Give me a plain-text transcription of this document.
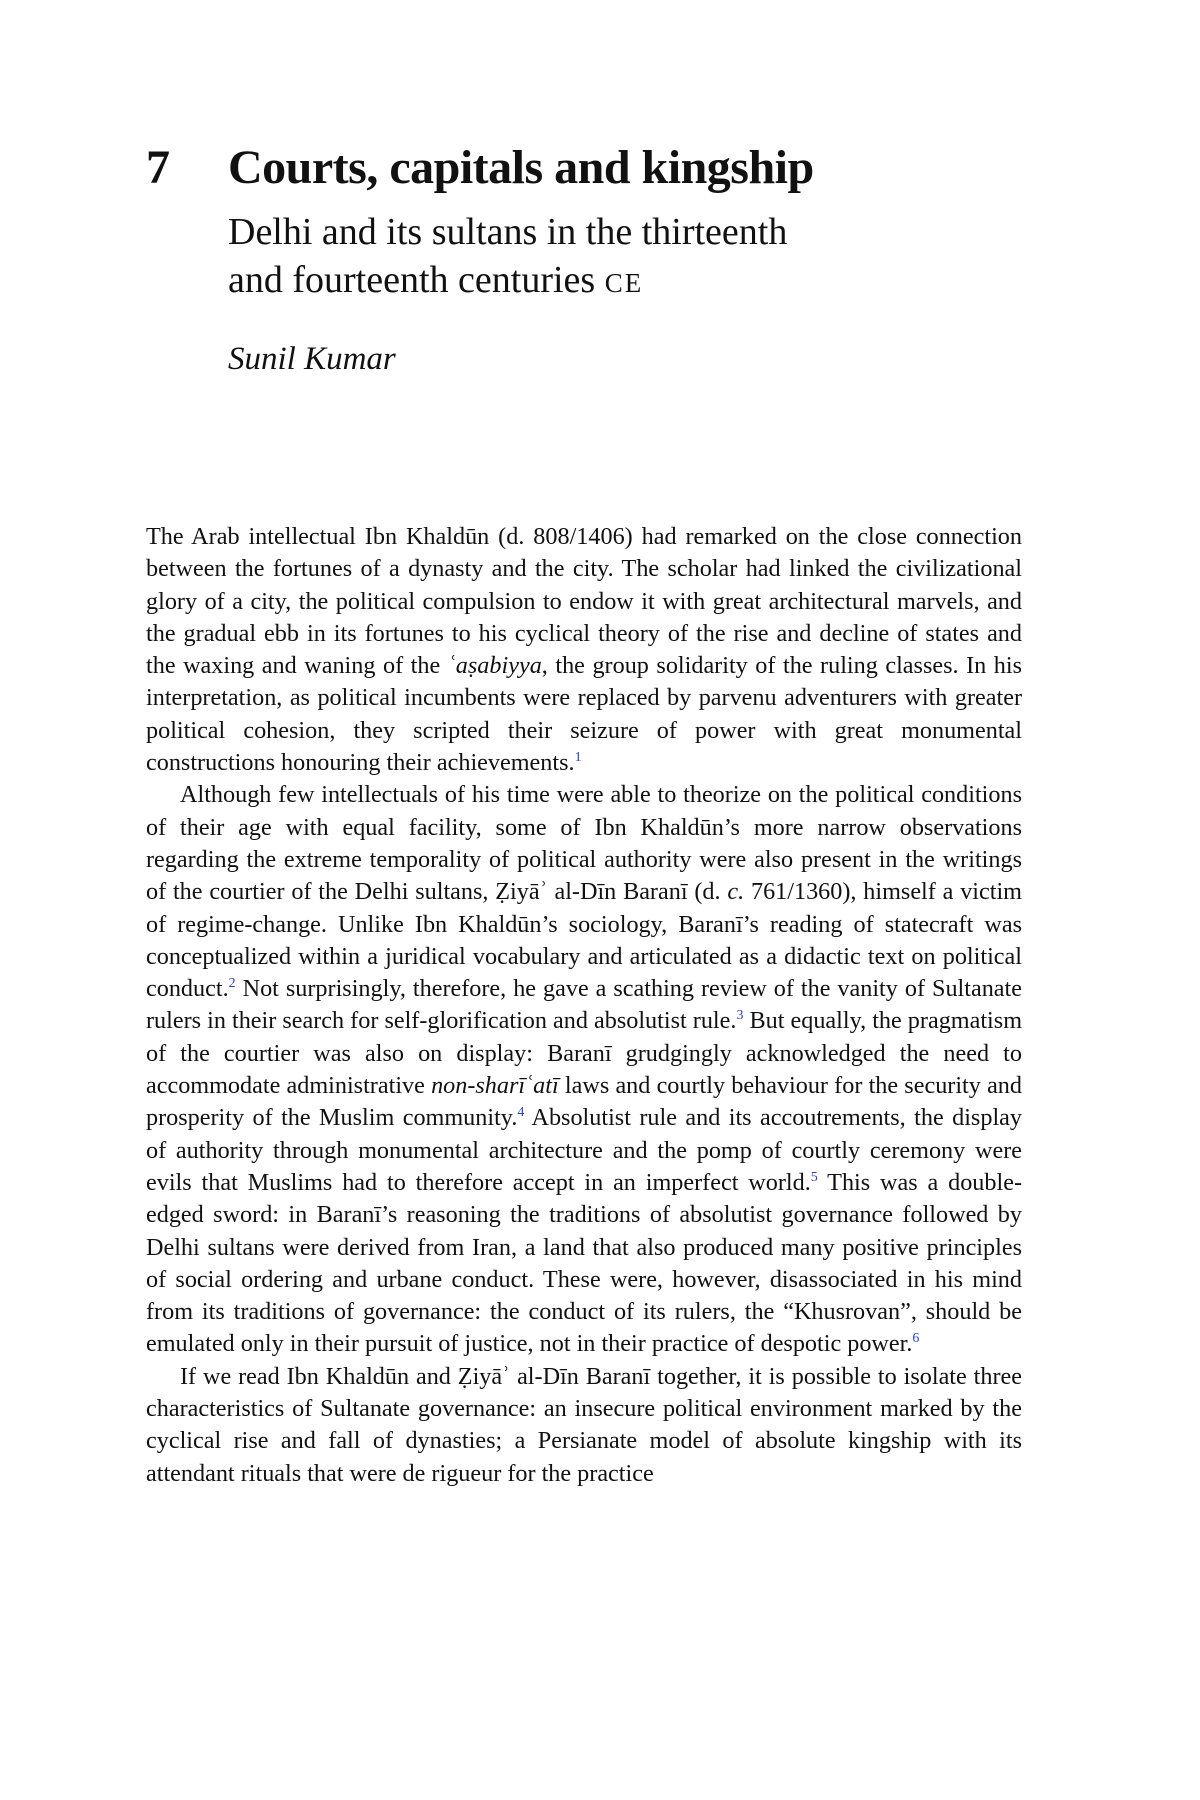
7	Courts, capitals and kingship
Delhi and its sultans in the thirteenth
and fourteenth centuries CE
Sunil Kumar

The Arab intellectual Ibn Khaldūn (d. 808/1406) had remarked on the close connection between the fortunes of a dynasty and the city. The scholar had linked the civilizational glory of a city, the political compulsion to endow it with great architectural marvels, and the gradual ebb in its fortunes to his cyclical theory of the rise and decline of states and the waxing and waning of the ʿaṣabiyya, the group solidarity of the ruling classes. In his interpretation, as political incumbents were replaced by parvenu adventurers with greater political cohesion, they scripted their seizure of power with great monumental constructions honouring their achievements.$^1$

Although few intellectuals of his time were able to theorize on the political conditions of their age with equal facility, some of Ibn Khaldūn’s more narrow observations regarding the extreme temporality of political authority were also present in the writings of the courtier of the Delhi sultans, Ẓiyāʾ al-Dīn Baranī (d. c. 761/1360), himself a victim of regime-change. Unlike Ibn Khaldūn’s sociology, Baranī’s reading of statecraft was conceptualized within a juridical vocabulary and articulated as a didactic text on political conduct.$^2$ Not surprisingly, therefore, he gave a scathing review of the vanity of Sultanate rulers in their search for self-glorification and absolutist rule.$^3$ But equally, the pragmatism of the courtier was also on display: Baranī grudgingly acknowledged the need to accommodate administrative non-sharīʿatī laws and courtly behaviour for the security and prosperity of the Muslim community.$^4$ Absolutist rule and its accoutrements, the display of authority through monumental architecture and the pomp of courtly ceremony were evils that Muslims had to therefore accept in an imperfect world.$^5$ This was a double-edged sword: in Baranī’s reasoning the traditions of absolutist governance followed by Delhi sultans were derived from Iran, a land that also produced many positive principles of social ordering and urbane conduct. These were, however, disassociated in his mind from its traditions of governance: the conduct of its rulers, the “Khusrovan”, should be emulated only in their pursuit of justice, not in their practice of despotic power.$^6$

If we read Ibn Khaldūn and Ẓiyāʾ al-Dīn Baranī together, it is possible to isolate three characteristics of Sultanate governance: an insecure political environment marked by the cyclical rise and fall of dynasties; a Persianate model of absolute kingship with its attendant rituals that were de rigueur for the practice
